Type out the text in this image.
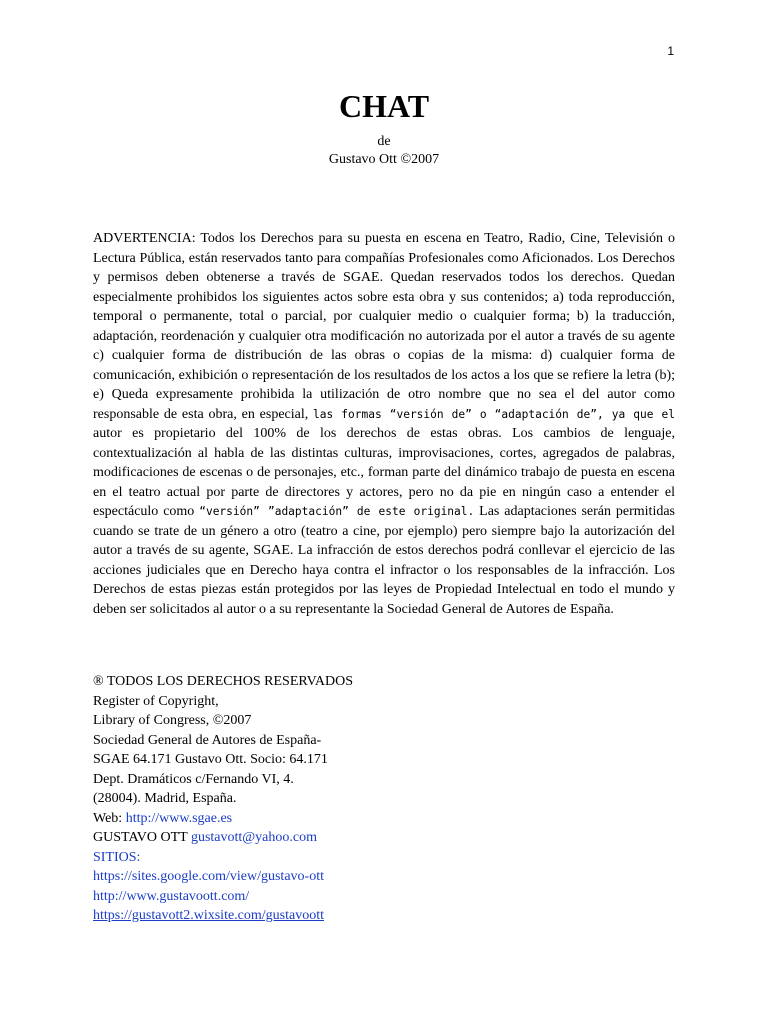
1
CHAT
de
Gustavo Ott ©2007

ADVERTENCIA: Todos los Derechos para su puesta en escena en Teatro, Radio, Cine, Televisión o Lectura Pública, están reservados tanto para compañías Profesionales como Aficionados. Los Derechos y permisos deben obtenerse a través de SGAE. Quedan reservados todos los derechos. Quedan especialmente prohibidos los siguientes actos sobre esta obra y sus contenidos; a) toda reproducción, temporal o permanente, total o parcial, por cualquier medio o cualquier forma; b) la traducción, adaptación, reordenación y cualquier otra modificación no autorizada por el autor a través de su agente c) cualquier forma de distribución de las obras o copias de la misma: d) cualquier forma de comunicación, exhibición o representación de los resultados de los actos a los que se refiere la letra (b); e) Queda expresamente prohibida la utilización de otro nombre que no sea el del autor como responsable de esta obra, en especial, las formas “versión de” o “adaptación de”, ya que el autor es propietario del 100% de los derechos de estas obras. Los cambios de lenguaje, contextualización al habla de las distintas culturas, improvisaciones, cortes, agregados de palabras, modificaciones de escenas o de personajes, etc., forman parte del dinámico trabajo de puesta en escena en el teatro actual por parte de directores y actores, pero no da pie en ningún caso a entender el espectáculo como “versión” ”adaptación” de este original. Las adaptaciones serán permitidas cuando se trate de un género a otro (teatro a cine, por ejemplo) pero siempre bajo la autorización del autor a través de su agente, SGAE. La infracción de estos derechos podrá conllevar el ejercicio de las acciones judiciales que en Derecho haya contra el infractor o los responsables de la infracción. Los Derechos de estas piezas están protegidos por las leyes de Propiedad Intelectual en todo el mundo y deben ser solicitados al autor o a su representante la Sociedad General de Autores de España.

® TODOS LOS DERECHOS RESERVADOS
Register of Copyright,
Library of Congress, ©2007
Sociedad General de Autores de España-
SGAE 64.171 Gustavo Ott. Socio: 64.171
Dept. Dramáticos c/Fernando VI, 4.
(28004). Madrid, España.
Web: http://www.sgae.es
GUSTAVO OTT gustavott@yahoo.com
SITIOS:
https://sites.google.com/view/gustavo-ott
http://www.gustavoott.com/
https://gustavott2.wixsite.com/gustavoott
